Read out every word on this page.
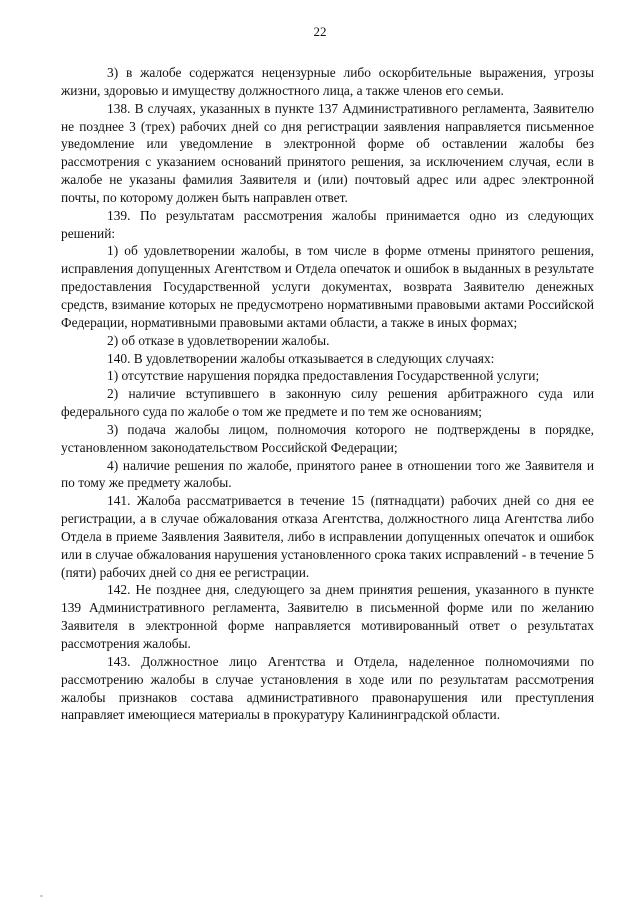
22

3) в жалобе содержатся нецензурные либо оскорбительные выражения, угрозы жизни, здоровью и имуществу должностного лица, а также членов его семьи.

138. В случаях, указанных в пункте 137 Административного регламента, Заявителю не позднее 3 (трех) рабочих дней со дня регистрации заявления направляется письменное уведомление или уведомление в электронной форме об оставлении жалобы без рассмотрения с указанием оснований принятого решения, за исключением случая, если в жалобе не указаны фамилия Заявителя и (или) почтовый адрес или адрес электронной почты, по которому должен быть направлен ответ.

139. По результатам рассмотрения жалобы принимается одно из следующих решений:

1) об удовлетворении жалобы, в том числе в форме отмены принятого решения, исправления допущенных Агентством и Отдела опечаток и ошибок в выданных в результате предоставления Государственной услуги документах, возврата Заявителю денежных средств, взимание которых не предусмотрено нормативными правовыми актами Российской Федерации, нормативными правовыми актами области, а также в иных формах;

2) об отказе в удовлетворении жалобы.

140. В удовлетворении жалобы отказывается в следующих случаях:

1) отсутствие нарушения порядка предоставления Государственной услуги;

2) наличие вступившего в законную силу решения арбитражного суда или федерального суда по жалобе о том же предмете и по тем же основаниям;

3) подача жалобы лицом, полномочия которого не подтверждены в порядке, установленном законодательством Российской Федерации;

4) наличие решения по жалобе, принятого ранее в отношении того же Заявителя и по тому же предмету жалобы.

141. Жалоба рассматривается в течение 15 (пятнадцати) рабочих дней со дня ее регистрации, а в случае обжалования отказа Агентства, должностного лица Агентства либо Отдела в приеме Заявления Заявителя, либо в исправлении допущенных опечаток и ошибок или в случае обжалования нарушения установленного срока таких исправлений - в течение 5 (пяти) рабочих дней со дня ее регистрации.

142. Не позднее дня, следующего за днем принятия решения, указанного в пункте 139 Административного регламента, Заявителю в письменной форме или по желанию Заявителя в электронной форме направляется мотивированный ответ о результатах рассмотрения жалобы.

143. Должностное лицо Агентства и Отдела, наделенное полномочиями по рассмотрению жалобы в случае установления в ходе или по результатам рассмотрения жалобы признаков состава административного правонарушения или преступления направляет имеющиеся материалы в прокуратуру Калининградской области.
